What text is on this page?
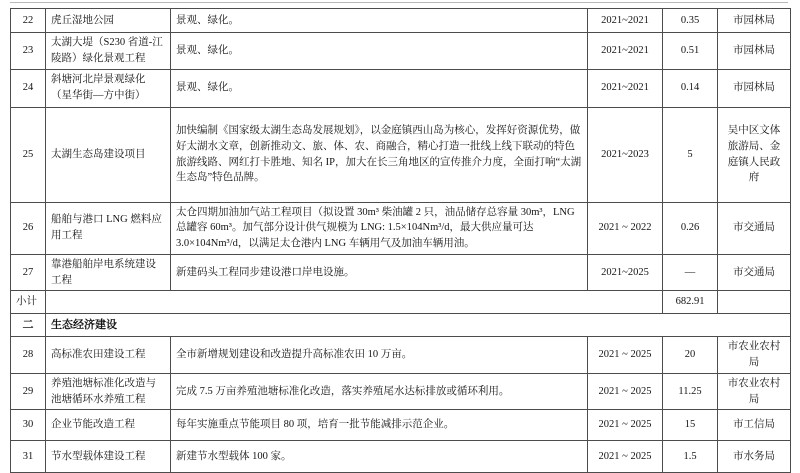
22	虎丘湿地公园	景观、绿化。	2021~2021	0.35	市园林局
23	太湖大堤（S230 省道-江陵路）绿化景观工程	景观、绿化。	2021~2021	0.51	市园林局
24	斜塘河北岸景观绿化（星华街—方中街）	景观、绿化。	2021~2021	0.14	市园林局
25	太湖生态岛建设项目	加快编制《国家级太湖生态岛发展规划》，以金庭镇西山岛为核心，发挥好资源优势，做好太湖水文章，创新推动文、旅、体、农、商融合，精心打造一批线上线下联动的特色旅游线路、网红打卡胜地、知名 IP，加大在长三角地区的宣传推介力度，全面打响“太湖生态岛”特色品牌。	2021~2023	5	吴中区文体旅游局、金庭镇人民政府
26	船舶与港口 LNG 燃料应用工程	太仓四期加油加气站工程项目（拟设置 30m³ 柴油罐 2 只，油品储存总容量 30m³，LNG 总罐容 60m³。加气部分设计供气规模为 LNG: 1.5×104Nm³/d，最大供应量可达 3.0×104Nm³/d，以满足太仓港内 LNG 车辆用气及加油车辆用油。	2021 ~ 2022	0.26	市交通局
27	靠港船舶岸电系统建设工程	新建码头工程同步建设港口岸电设施。	2021~2025	—	市交通局
小计				682.91	
二	生态经济建设				
28	高标准农田建设工程	全市新增规划建设和改造提升高标准农田 10 万亩。	2021 ~ 2025	20	市农业农村局
29	养殖池塘标准化改造与池塘循环水养殖工程	完成 7.5 万亩养殖池塘标准化改造，落实养殖尾水达标排放或循环利用。	2021 ~ 2025	11.25	市农业农村局
30	企业节能改造工程	每年实施重点节能项目 80 项，培育一批节能减排示范企业。	2021 ~ 2025	15	市工信局
31	节水型载体建设工程	新建节水型载体 100 家。	2021 ~ 2025	1.5	市水务局
